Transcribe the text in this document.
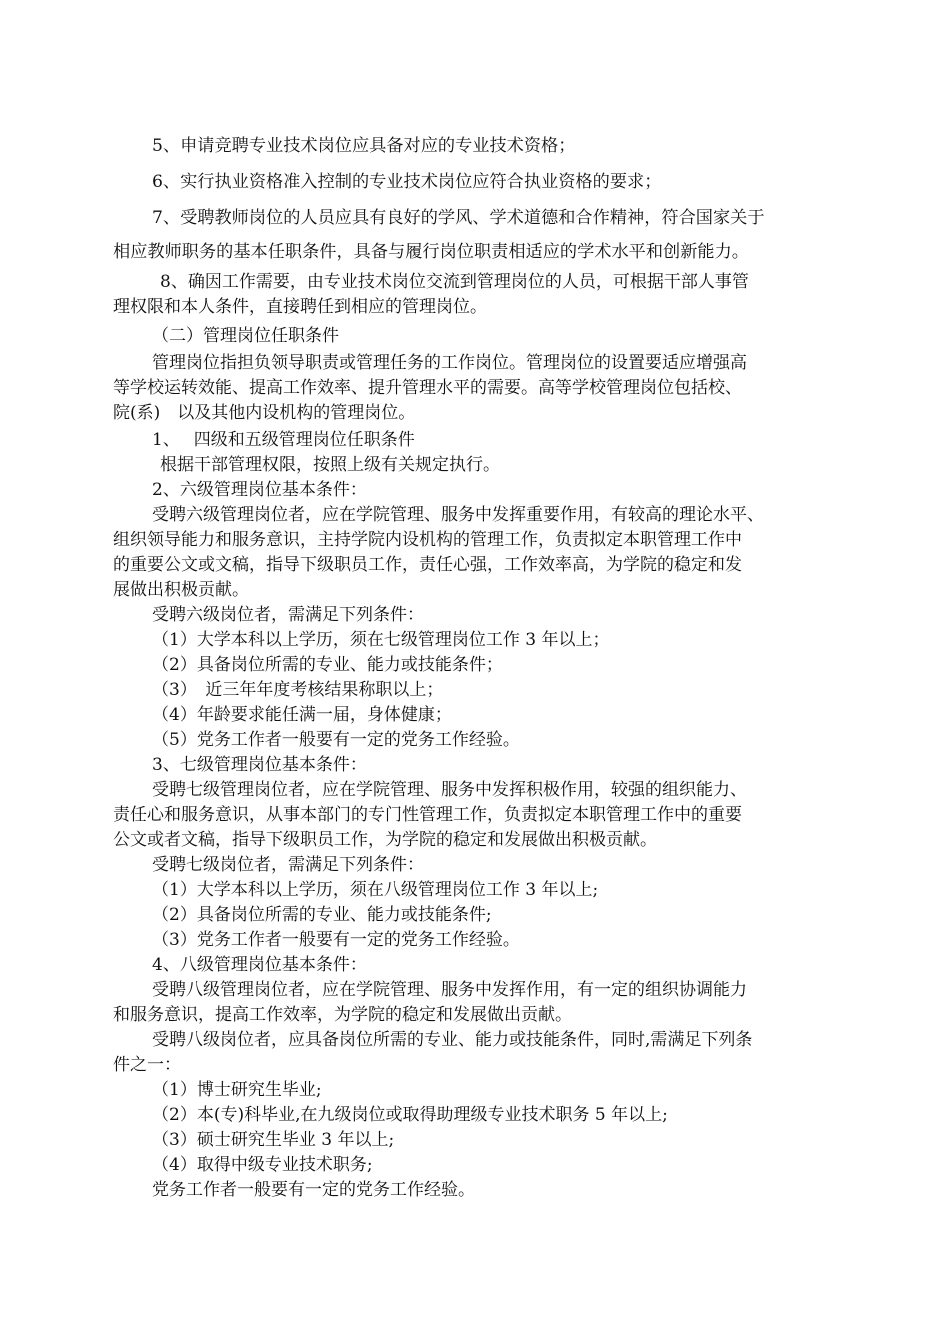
5、申请竞聘专业技术岗位应具备对应的专业技术资格；

6、实行执业资格准入控制的专业技术岗位应符合执业资格的要求；

7、受聘教师岗位的人员应具有良好的学风、学术道德和合作精神，符合国家关于

相应教师职务的基本任职条件，具备与履行岗位职责相适应的学术水平和创新能力。

8、确因工作需要，由专业技术岗位交流到管理岗位的人员，可根据干部人事管

理权限和本人条件，直接聘任到相应的管理岗位。

（二）管理岗位任职条件

管理岗位指担负领导职责或管理任务的工作岗位。管理岗位的设置要适应增强高

等学校运转效能、提高工作效率、提升管理水平的需要。高等学校管理岗位包括校、

院(系)　以及其他内设机构的管理岗位。

1、　 四级和五级管理岗位任职条件

根据干部管理权限，按照上级有关规定执行。

2、六级管理岗位基本条件：

受聘六级管理岗位者，应在学院管理、服务中发挥重要作用，有较高的理论水平、

组织领导能力和服务意识，主持学院内设机构的管理工作，负责拟定本职管理工作中

的重要公文或文稿，指导下级职员工作，责任心强，工作效率高，为学院的稳定和发

展做出积极贡献。

受聘六级岗位者，需满足下列条件：

（1）大学本科以上学历，须在七级管理岗位工作 3 年以上；

（2）具备岗位所需的专业、能力或技能条件；

（3）　近三年年度考核结果称职以上；

（4）年龄要求能任满一届，身体健康；

（5）党务工作者一般要有一定的党务工作经验。

3、七级管理岗位基本条件：

受聘七级管理岗位者，应在学院管理、服务中发挥积极作用，较强的组织能力、

责任心和服务意识，从事本部门的专门性管理工作，负责拟定本职管理工作中的重要

公文或者文稿，指导下级职员工作，为学院的稳定和发展做出积极贡献。

受聘七级岗位者，需满足下列条件：

（1）大学本科以上学历，须在八级管理岗位工作 3 年以上;

（2）具备岗位所需的专业、能力或技能条件;

（3）党务工作者一般要有一定的党务工作经验。

4、八级管理岗位基本条件：

受聘八级管理岗位者，应在学院管理、服务中发挥作用，有一定的组织协调能力

和服务意识，提高工作效率，为学院的稳定和发展做出贡献。

受聘八级岗位者，应具备岗位所需的专业、能力或技能条件，同时,需满足下列条

件之一：

（1）博士研究生毕业;

（2）本(专)科毕业,在九级岗位或取得助理级专业技术职务 5 年以上;

（3）硕士研究生毕业 3 年以上;

（4）取得中级专业技术职务;

党务工作者一般要有一定的党务工作经验。
